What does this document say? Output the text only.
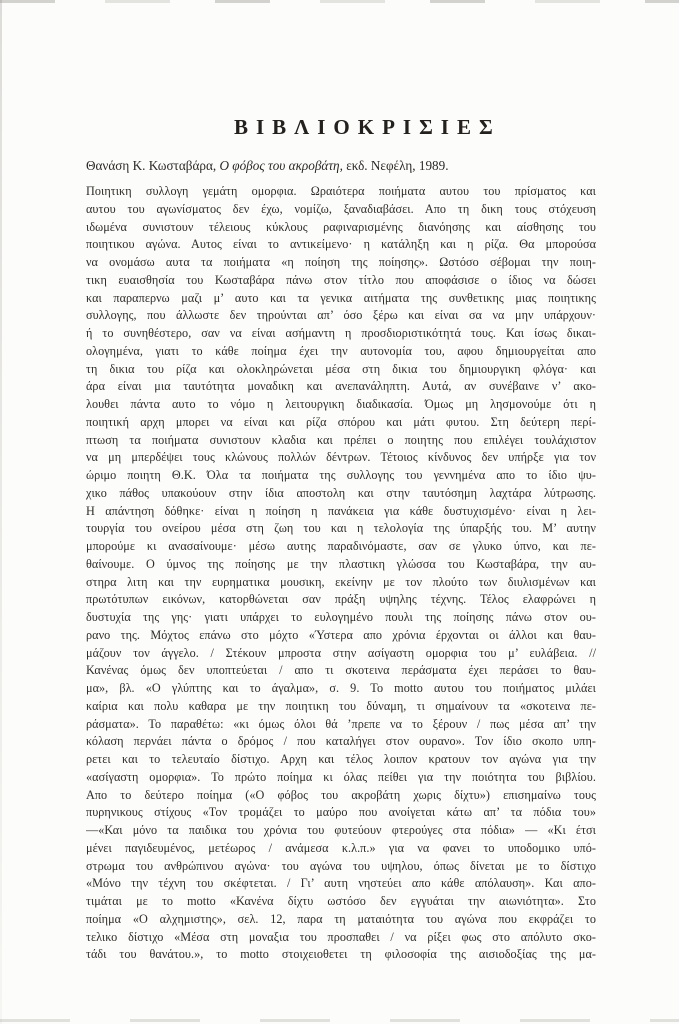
ΒΙΒΛΙΟΚΡΙΣΙΕΣ

Θανάση Κ. Κωσταβάρα, Ο φόβος του ακροβάτη, εκδ. Νεφέλη, 1989.

Ποιητικη συλλογη γεμάτη ομορφια. Ωραιότερα ποιήματα αυτου του πρίσματος και
αυτου του αγωνίσματος δεν έχω, νομίζω, ξαναδιαβάσει. Απο τη δικη τους στόχευση
ιδωμένα συνιστουν τέλειους κύκλους ραφιναρισμένης διανόησης και αίσθησης του
ποιητικου αγώνα. Αυτος είναι το αντικείμενο· η κατάληξη και η ρίζα. Θα μπορούσα
να ονομάσω αυτα τα ποιήματα «η ποίηση της ποίησης». Ωστόσο σέβομαι την ποιη-
τικη ευαισθησία του Κωσταβάρα πάνω στον τίτλο που αποφάσισε ο ίδιος να δώσει
και παραπερνω μαζι μ’ αυτο και τα γενικα αιτήματα της συνθετικης μιας ποιητικης
συλλογης, που άλλωστε δεν τηρούνται απ’ όσο ξέρω και είναι σα να μην υπάρχουν·
ή το συνηθέστερο, σαν να είναι ασήμαντη η προσδιοριστικότητά τους. Και ίσως δικαι-
ολογημένα, γιατι το κάθε ποίημα έχει την αυτονομία του, αφου δημιουργείται απο
τη δικια του ρίζα και ολοκληρώνεται μέσα στη δικια του δημιουργικη φλόγα· και
άρα είναι μια ταυτότητα μοναδικη και ανεπανάληπτη. Αυτά, αν συνέβαινε ν’ ακο-
λουθει πάντα αυτο το νόμο η λειτουργικη διαδικασία. Όμως μη λησμονούμε ότι η
ποιητική αρχη μπορει να είναι και ρίζα σπόρου και μάτι φυτου. Στη δεύτερη περί-
πτωση τα ποιήματα συνιστουν κλαδια και πρέπει ο ποιητης που επιλέγει τουλάχιστον
να μη μπερδέψει τους κλώνους πολλών δέντρων. Τέτοιος κίνδυνος δεν υπήρξε για τον
ώριμο ποιητη Θ.Κ. Όλα τα ποιήματα της συλλογης του γεννημένα απο το ίδιο ψυ-
χικο πάθος υπακούουν στην ίδια αποστολη και στην ταυτόσημη λαχτάρα λύτρωσης.
Η απάντηση δόθηκε· είναι η ποίηση η πανάκεια για κάθε δυστυχισμένο· είναι η λει-
τουργία του ονείρου μέσα στη ζωη του και η τελολογία της ύπαρξής του. Μ’ αυτην
μπορούμε κι ανασαίνουμε· μέσω αυτης παραδινόμαστε, σαν σε γλυκο ύπνο, και πε-
θαίνουμε. Ο ύμνος της ποίησης με την πλαστικη γλώσσα του Κωσταβάρα, την αυ-
στηρα λιτη και την ευρηματικα μουσικη, εκείνην με τον πλούτο των διυλισμένων και
πρωτότυπων εικόνων, κατορθώνεται σαν πράξη υψηλης τέχνης. Τέλος ελαφρώνει η
δυστυχία της γης· γιατι υπάρχει το ευλογημένο πουλι της ποίησης πάνω στον ου-
ρανο της. Μόχτος επάνω στο μόχτο «Ύστερα απο χρόνια έρχονται οι άλλοι και θαυ-
μάζουν τον άγγελο. / Στέκουν μπροστα στην ασίγαστη ομορφια του μ’ ευλάβεια. //
Κανένας όμως δεν υποπτεύεται / απο τι σκοτεινα περάσματα έχει περάσει το θαυ-
μα», βλ. «Ο γλύπτης και το άγαλμα», σ. 9. Το motto αυτου του ποιήματος μιλάει
καίρια και πολυ καθαρα με την ποιητικη του δύναμη, τι σημαίνουν τα «σκοτεινα πε-
ράσματα». Το παραθέτω: «κι όμως όλοι θά ’πρεπε να το ξέρουν / πως μέσα απ’ την
κόλαση περνάει πάντα ο δρόμος / που καταλήγει στον ουρανο». Τον ίδιο σκοπο υπη-
ρετει και το τελευταίο δίστιχο. Αρχη και τέλος λοιπον κρατουν τον αγώνα για την
«ασίγαστη ομορφια». Το πρώτο ποίημα κι όλας πείθει για την ποιότητα του βιβλίου.
Απο το δεύτερο ποίημα («Ο φόβος του ακροβάτη χωρις δίχτυ») επισημαίνω τους
πυρηνικους στίχους «Τον τρομάζει το μαύρο που ανοίγεται κάτω απ’ τα πόδια του»
—«Και μόνο τα παιδικα του χρόνια του φυτεύουν φτερούγες στα πόδια» — «Κι έτσι
μένει παγιδευμένος, μετέωρος / ανάμεσα κ.λ.π.» για να φανει το υποδομικο υπό-
στρωμα του ανθρώπινου αγώνα· του αγώνα του υψηλου, όπως δίνεται με το δίστιχο
«Μόνο την τέχνη του σκέφτεται. / Γι’ αυτη νηστεύει απο κάθε απόλαυση». Και απο-
τιμάται με το motto «Κανένα δίχτυ ωστόσο δεν εγγυάται την αιωνιότητα». Στο
ποίημα «Ο αλχημιστης», σελ. 12, παρα τη ματαιότητα του αγώνα που εκφράζει το
τελικο δίστιχο «Μέσα στη μοναξια του προσπαθει / να ρίξει φως στο απόλυτο σκο-
τάδι του θανάτου.», το motto στοιχειοθετει τη φιλοσοφία της αισιοδοξίας της μα-
